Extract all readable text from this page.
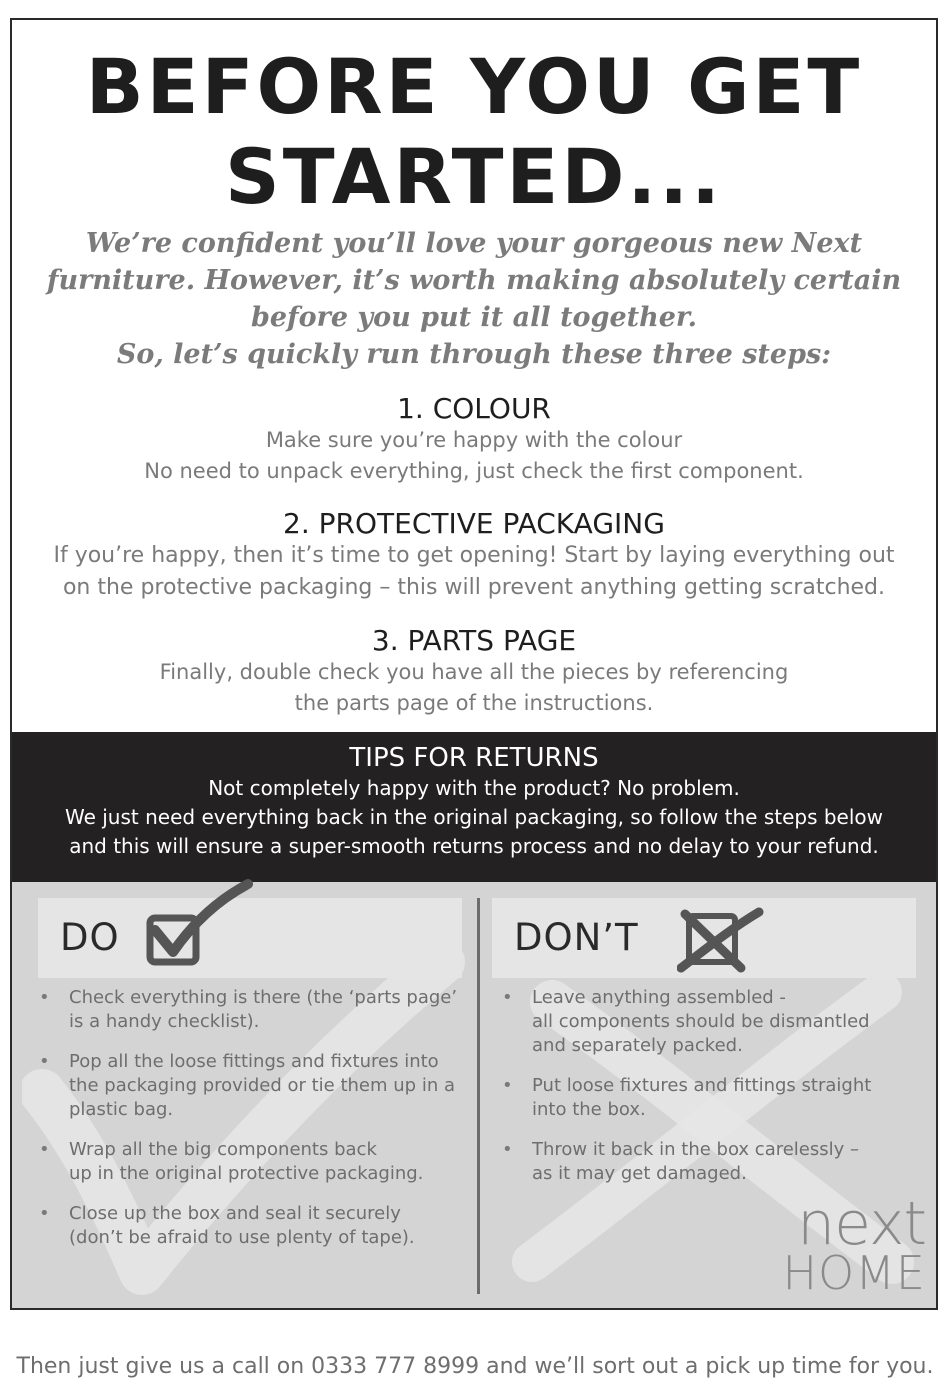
BEFORE YOU GET
STARTED...
We’re confident you’ll love your gorgeous new Next
furniture. However, it’s worth making absolutely certain
before you put it all together.
So, let’s quickly run through these three steps:
1. COLOUR

Make sure you’re happy with the colour

No need to unpack everything, just check the first component.

2. PROTECTIVE PACKAGING

If you’re happy, then it’s time to get opening! Start by laying everything out

on the protective packaging – this will prevent anything getting scratched.

3. PARTS PAGE

Finally, double check you have all the pieces by referencing

the parts page of the instructions.

TIPS FOR RETURNS

Not completely happy with the product? No problem.

We just need everything back in the original packaging, so follow the steps below

and this will ensure a super-smooth returns process and no delay to your refund.

DO	DON’T
• Check everything is there (the ‘parts page’
is a handy checklist).
• Pop all the loose fittings and fixtures into
the packaging provided or tie them up in a
plastic bag.
• Wrap all the big components back
up in the original protective packaging.
• Close up the box and seal it securely
(don’t be afraid to use plenty of tape).
• Leave anything assembled -
all components should be dismantled
and separately packed.
• Put loose fixtures and fittings straight
into the box.
• Throw it back in the box carelessly –
as it may get damaged.
next
HOME
Then just give us a call on 0333 777 8999 and we’ll sort out a pick up time for you.
